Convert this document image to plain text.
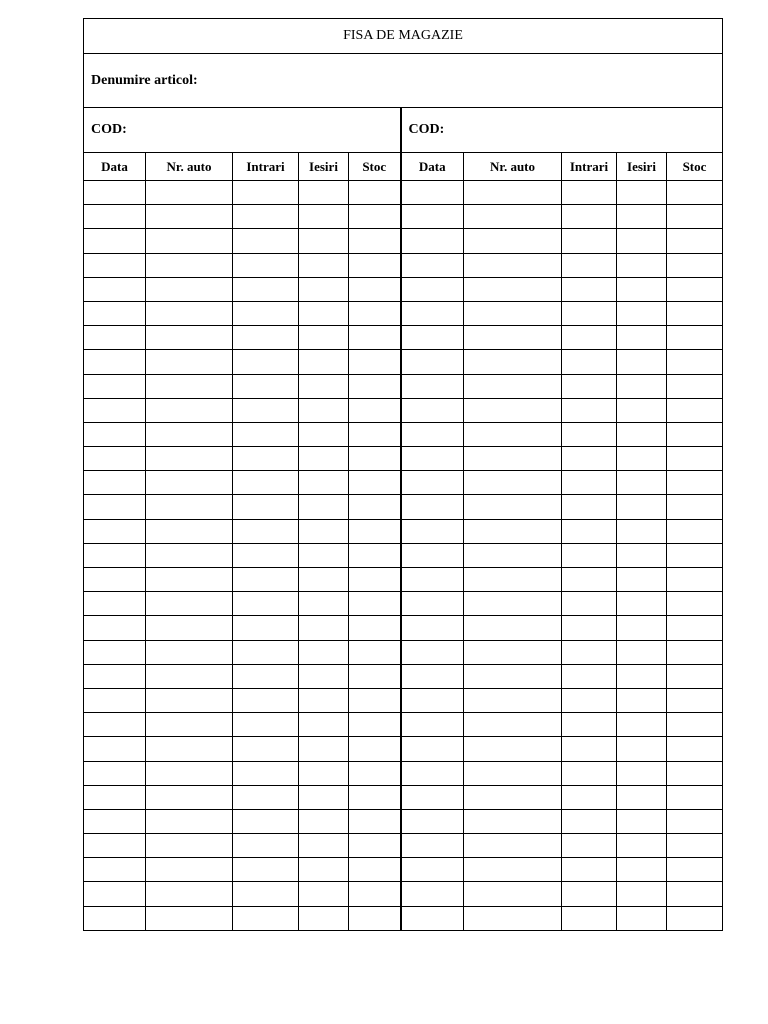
FISA DE MAGAZIE									
Denumire articol:									
COD:					COD:				
Data	Nr. auto	Intrari	Iesiri	Stoc	Data	Nr. auto	Intrari	Iesiri	Stoc
